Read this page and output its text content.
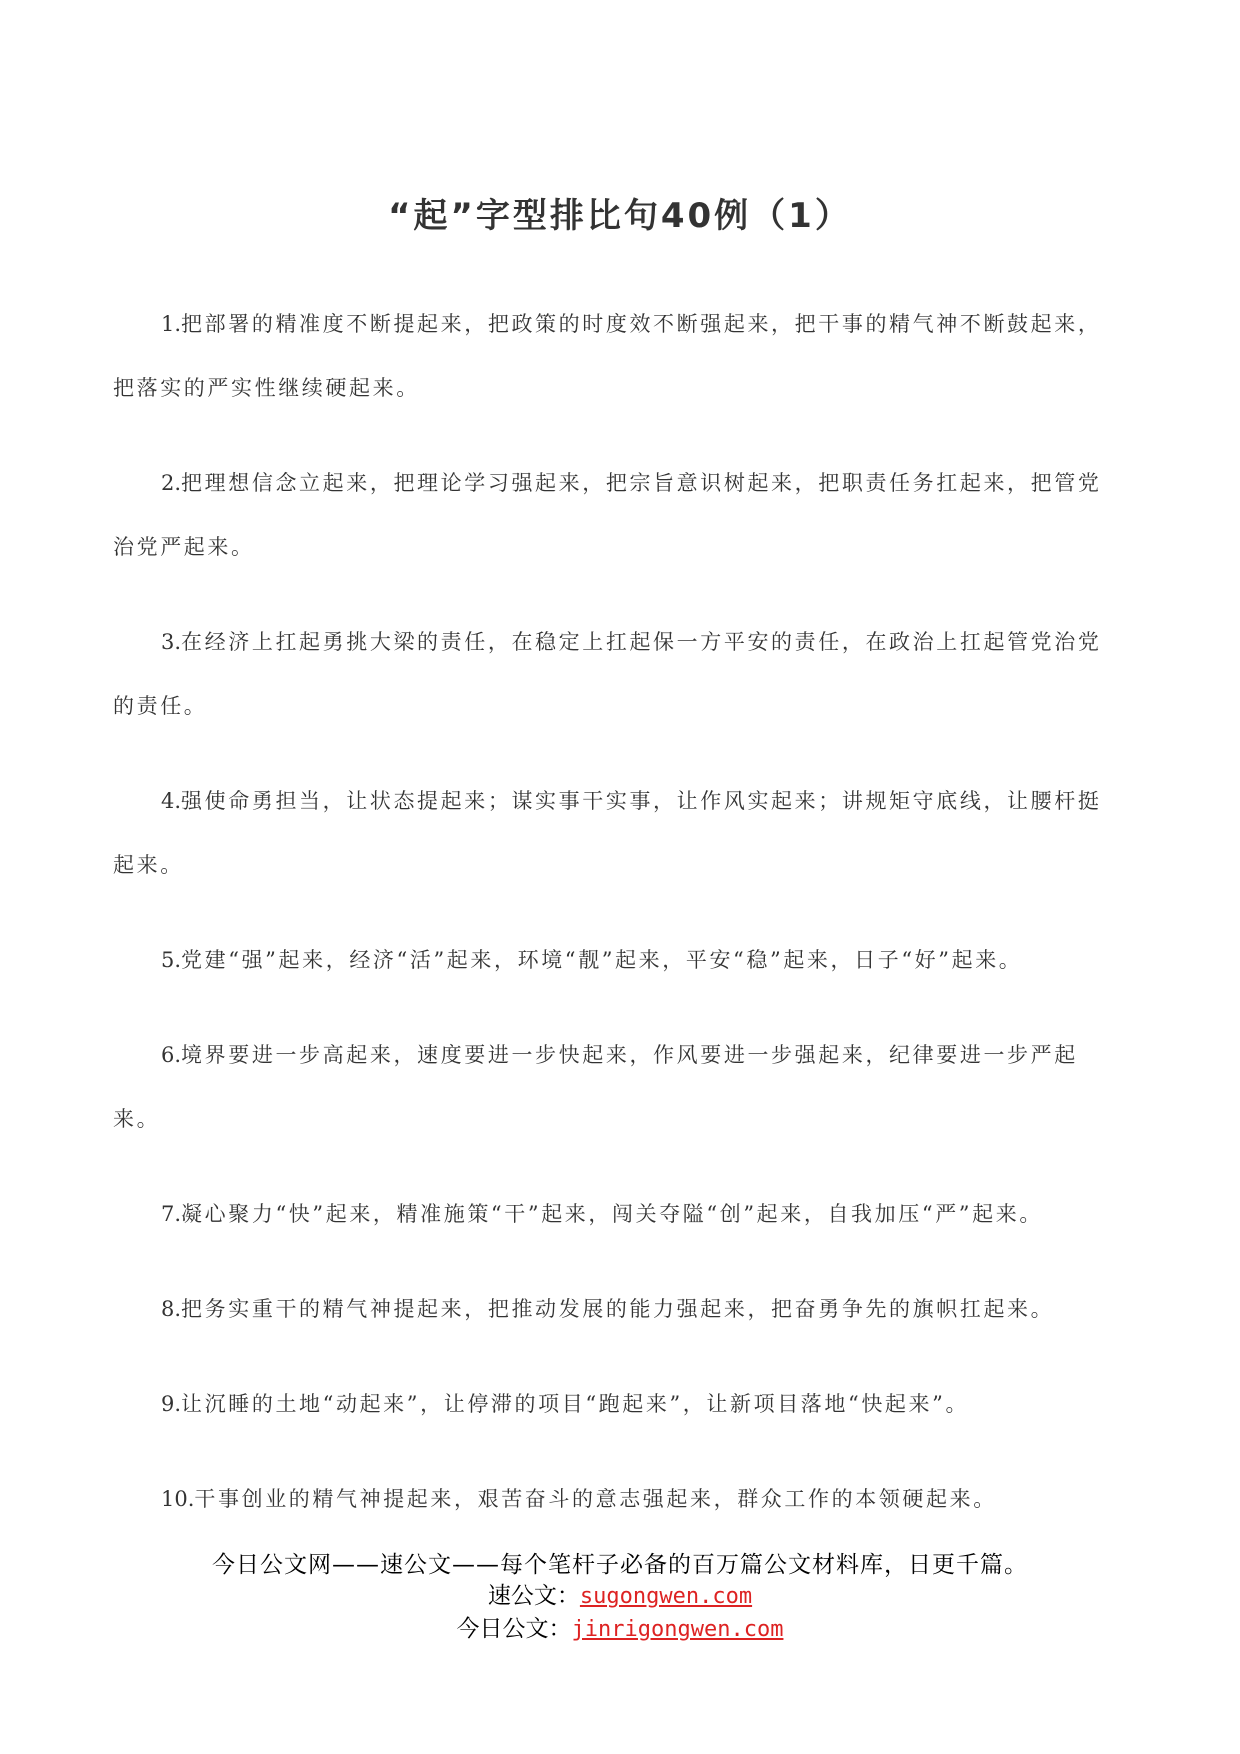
“起”字型排比句40例（1）

1.把部署的精准度不断提起来，把政策的时度效不断强起来，把干事的精气神不断鼓起来，把落实的严实性继续硬起来。

2.把理想信念立起来，把理论学习强起来，把宗旨意识树起来，把职责任务扛起来，把管党治党严起来。

3.在经济上扛起勇挑大梁的责任，在稳定上扛起保一方平安的责任，在政治上扛起管党治党的责任。

4.强使命勇担当，让状态提起来；谋实事干实事，让作风实起来；讲规矩守底线，让腰杆挺起来。

5.党建“强”起来，经济“活”起来，环境“靓”起来，平安“稳”起来，日子“好”起来。

6.境界要进一步高起来，速度要进一步快起来，作风要进一步强起来，纪律要进一步严起来。

7.凝心聚力“快”起来，精准施策“干”起来，闯关夺隘“创”起来，自我加压“严”起来。

8.把务实重干的精气神提起来，把推动发展的能力强起来，把奋勇争先的旗帜扛起来。

9.让沉睡的土地“动起来”，让停滞的项目“跑起来”，让新项目落地“快起来”。

10.干事创业的精气神提起来，艰苦奋斗的意志强起来，群众工作的本领硬起来。

今日公文网——速公文——每个笔杆子必备的百万篇公文材料库，日更千篇。
速公文：sugongwen.com
今日公文：jinrigongwen.com
